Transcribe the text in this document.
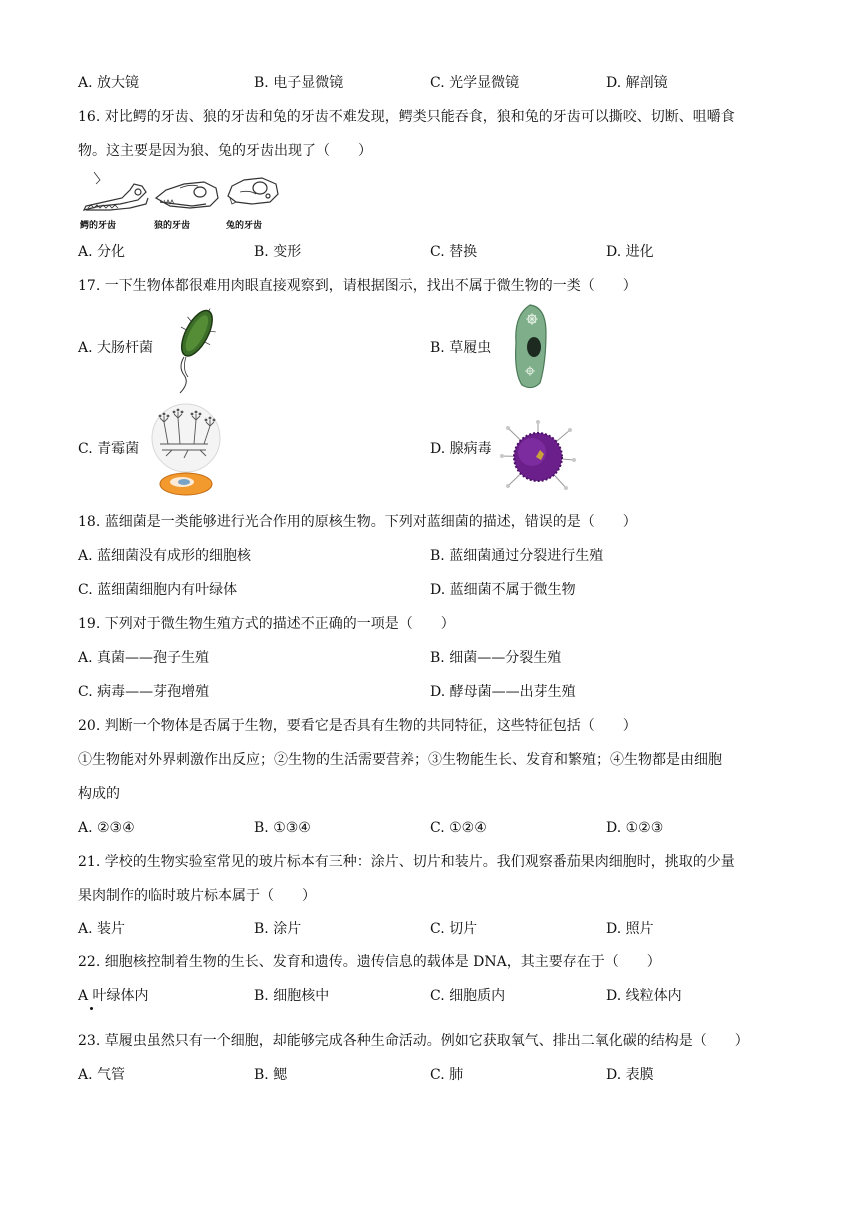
A. 放大镜	B. 电子显微镜	C. 光学显微镜	D. 解剖镜
16. 对比鳄的牙齿、狼的牙齿和兔的牙齿不难发现，鳄类只能吞食，狼和兔的牙齿可以撕咬、切断、咀嚼食
物。这主要是因为狼、兔的牙齿出现了（　　）
鳄的牙齿	狼的牙齿	兔的牙齿
A. 分化	B. 变形	C. 替换	D. 进化
17. 一下生物体都很难用肉眼直接观察到，请根据图示，找出不属于微生物的一类（　　）
A. 大肠杆菌	B. 草履虫
C. 青霉菌	D. 腺病毒
18. 蓝细菌是一类能够进行光合作用的原核生物。下列对蓝细菌的描述，错误的是（　　）
A. 蓝细菌没有成形的细胞核	B. 蓝细菌通过分裂进行生殖
C. 蓝细菌细胞内有叶绿体	D. 蓝细菌不属于微生物
19. 下列对于微生物生殖方式的描述不正确的一项是（　　）
A. 真菌——孢子生殖	B. 细菌——分裂生殖
C. 病毒——芽孢增殖	D. 酵母菌——出芽生殖
20. 判断一个物体是否属于生物，要看它是否具有生物的共同特征，这些特征包括（　　）
①生物能对外界刺激作出反应；②生物的生活需要营养；③生物能生长、发育和繁殖；④生物都是由细胞
构成的
A. ②③④	B. ①③④	C. ①②④	D. ①②③
21. 学校的生物实验室常见的玻片标本有三种：涂片、切片和装片。我们观察番茄果肉细胞时，挑取的少量
果肉制作的临时玻片标本属于（　　）
A. 装片	B. 涂片	C. 切片	D. 照片
22. 细胞核控制着生物的生长、发育和遗传。遗传信息的载体是 DNA，其主要存在于（　　）
A 叶绿体内	B. 细胞核中	C. 细胞质内	D. 线粒体内
23. 草履虫虽然只有一个细胞，却能够完成各种生命活动。例如它获取氧气、排出二氧化碳的结构是（　　）
A. 气管	B. 鳃	C. 肺	D. 表膜
